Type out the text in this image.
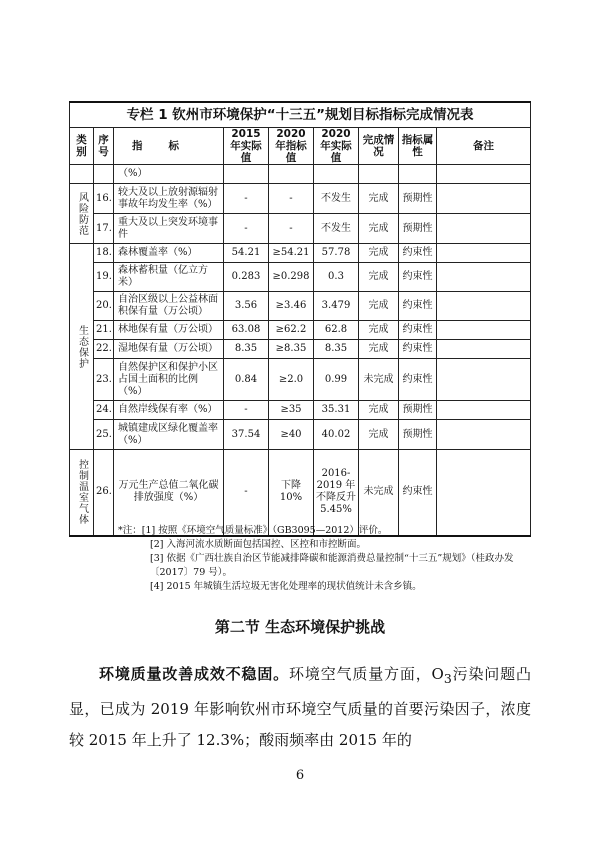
专栏 1 钦州市环境保护“十三五”规划目标指标完成情况表								
类别	序号	指标	2015 年实际值	2020 年指标值	2020 年实际值	完成情况	指标属性	备注
		（%）						
风险防范	16.	较大及以上放射源辐射事故年均发生率（%）	-	-	不发生	完成	预期性	
	17.	重大及以上突发环境事件	-	-	不发生	完成	预期性	
生态保护	18.	森林覆盖率（%）	54.21	≥54.21	57.78	完成	约束性	
	19.	森林蓄积量（亿立方米）	0.283	≥0.298	0.3	完成	约束性	
	20.	自治区级以上公益林面积保有量（万公顷）	3.56	≥3.46	3.479	完成	约束性	
	21.	林地保有量（万公顷）	63.08	≥62.2	62.8	完成	约束性	
	22.	湿地保有量（万公顷）	8.35	≥8.35	8.35	完成	约束性	
	23.	自然保护区和保护小区占国土面积的比例（%）	0.84	≥2.0	0.99	未完成	约束性	
	24.	自然岸线保有率（%）	-	≥35	35.31	完成	预期性	
	25.	城镇建成区绿化覆盖率（%）	37.54	≥40	40.02	完成	预期性	
控制温室气体	26.	万元生产总值二氧化碳排放强度（%）	-	下降 10%	2016-2019 年不降反升 5.45%	未完成	约束性	

*注：[1] 按照《环境空气质量标准》（GB3095—2012）评价。

[2] 入海河流水质断面包括国控、区控和市控断面。

[3] 依据《广西壮族自治区节能减排降碳和能源消费总量控制“十三五”规划》（桂政办发〔2017〕79 号）。

[4] 2015 年城镇生活垃圾无害化处理率的现状值统计未含乡镇。

第二节 生态环境保护挑战

环境质量改善成效不稳固。环境空气质量方面，$O_3$污染问题凸显，已成为 2019 年影响钦州市环境空气质量的首要污染因子，浓度较 2015 年上升了 12.3%；酸雨频率由 2015 年的

6
